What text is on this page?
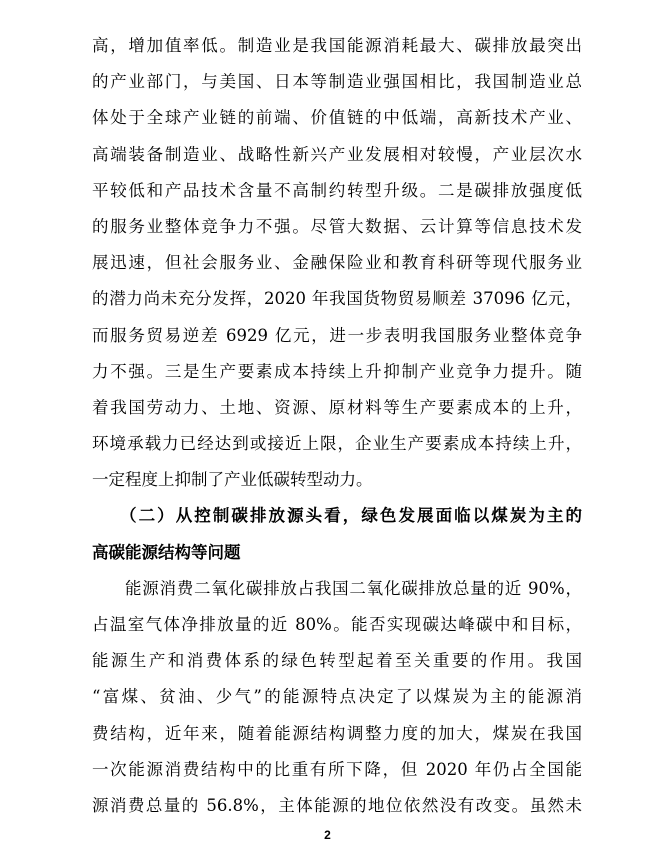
高，增加值率低。制造业是我国能源消耗最大、碳排放最突出
的产业部门，与美国、日本等制造业强国相比，我国制造业总
体处于全球产业链的前端、价值链的中低端，高新技术产业、
高端装备制造业、战略性新兴产业发展相对较慢，产业层次水
平较低和产品技术含量不高制约转型升级。二是碳排放强度低
的服务业整体竞争力不强。尽管大数据、云计算等信息技术发
展迅速，但社会服务业、金融保险业和教育科研等现代服务业
的潜力尚未充分发挥，2020 年我国货物贸易顺差 37096 亿元，
而服务贸易逆差 6929 亿元，进一步表明我国服务业整体竞争
力不强。三是生产要素成本持续上升抑制产业竞争力提升。随
着我国劳动力、土地、资源、原材料等生产要素成本的上升，
环境承载力已经达到或接近上限，企业生产要素成本持续上升，
一定程度上抑制了产业低碳转型动力。
（二）从控制碳排放源头看，绿色发展面临以煤炭为主的
高碳能源结构等问题
能源消费二氧化碳排放占我国二氧化碳排放总量的近 90%，
占温室气体净排放量的近 80%。能否实现碳达峰碳中和目标，
能源生产和消费体系的绿色转型起着至关重要的作用。我国
“富煤、贫油、少气”的能源特点决定了以煤炭为主的能源消
费结构，近年来，随着能源结构调整力度的加大，煤炭在我国
一次能源消费结构中的比重有所下降，但 2020 年仍占全国能
源消费总量的 56.8%，主体能源的地位依然没有改变。虽然未
2
